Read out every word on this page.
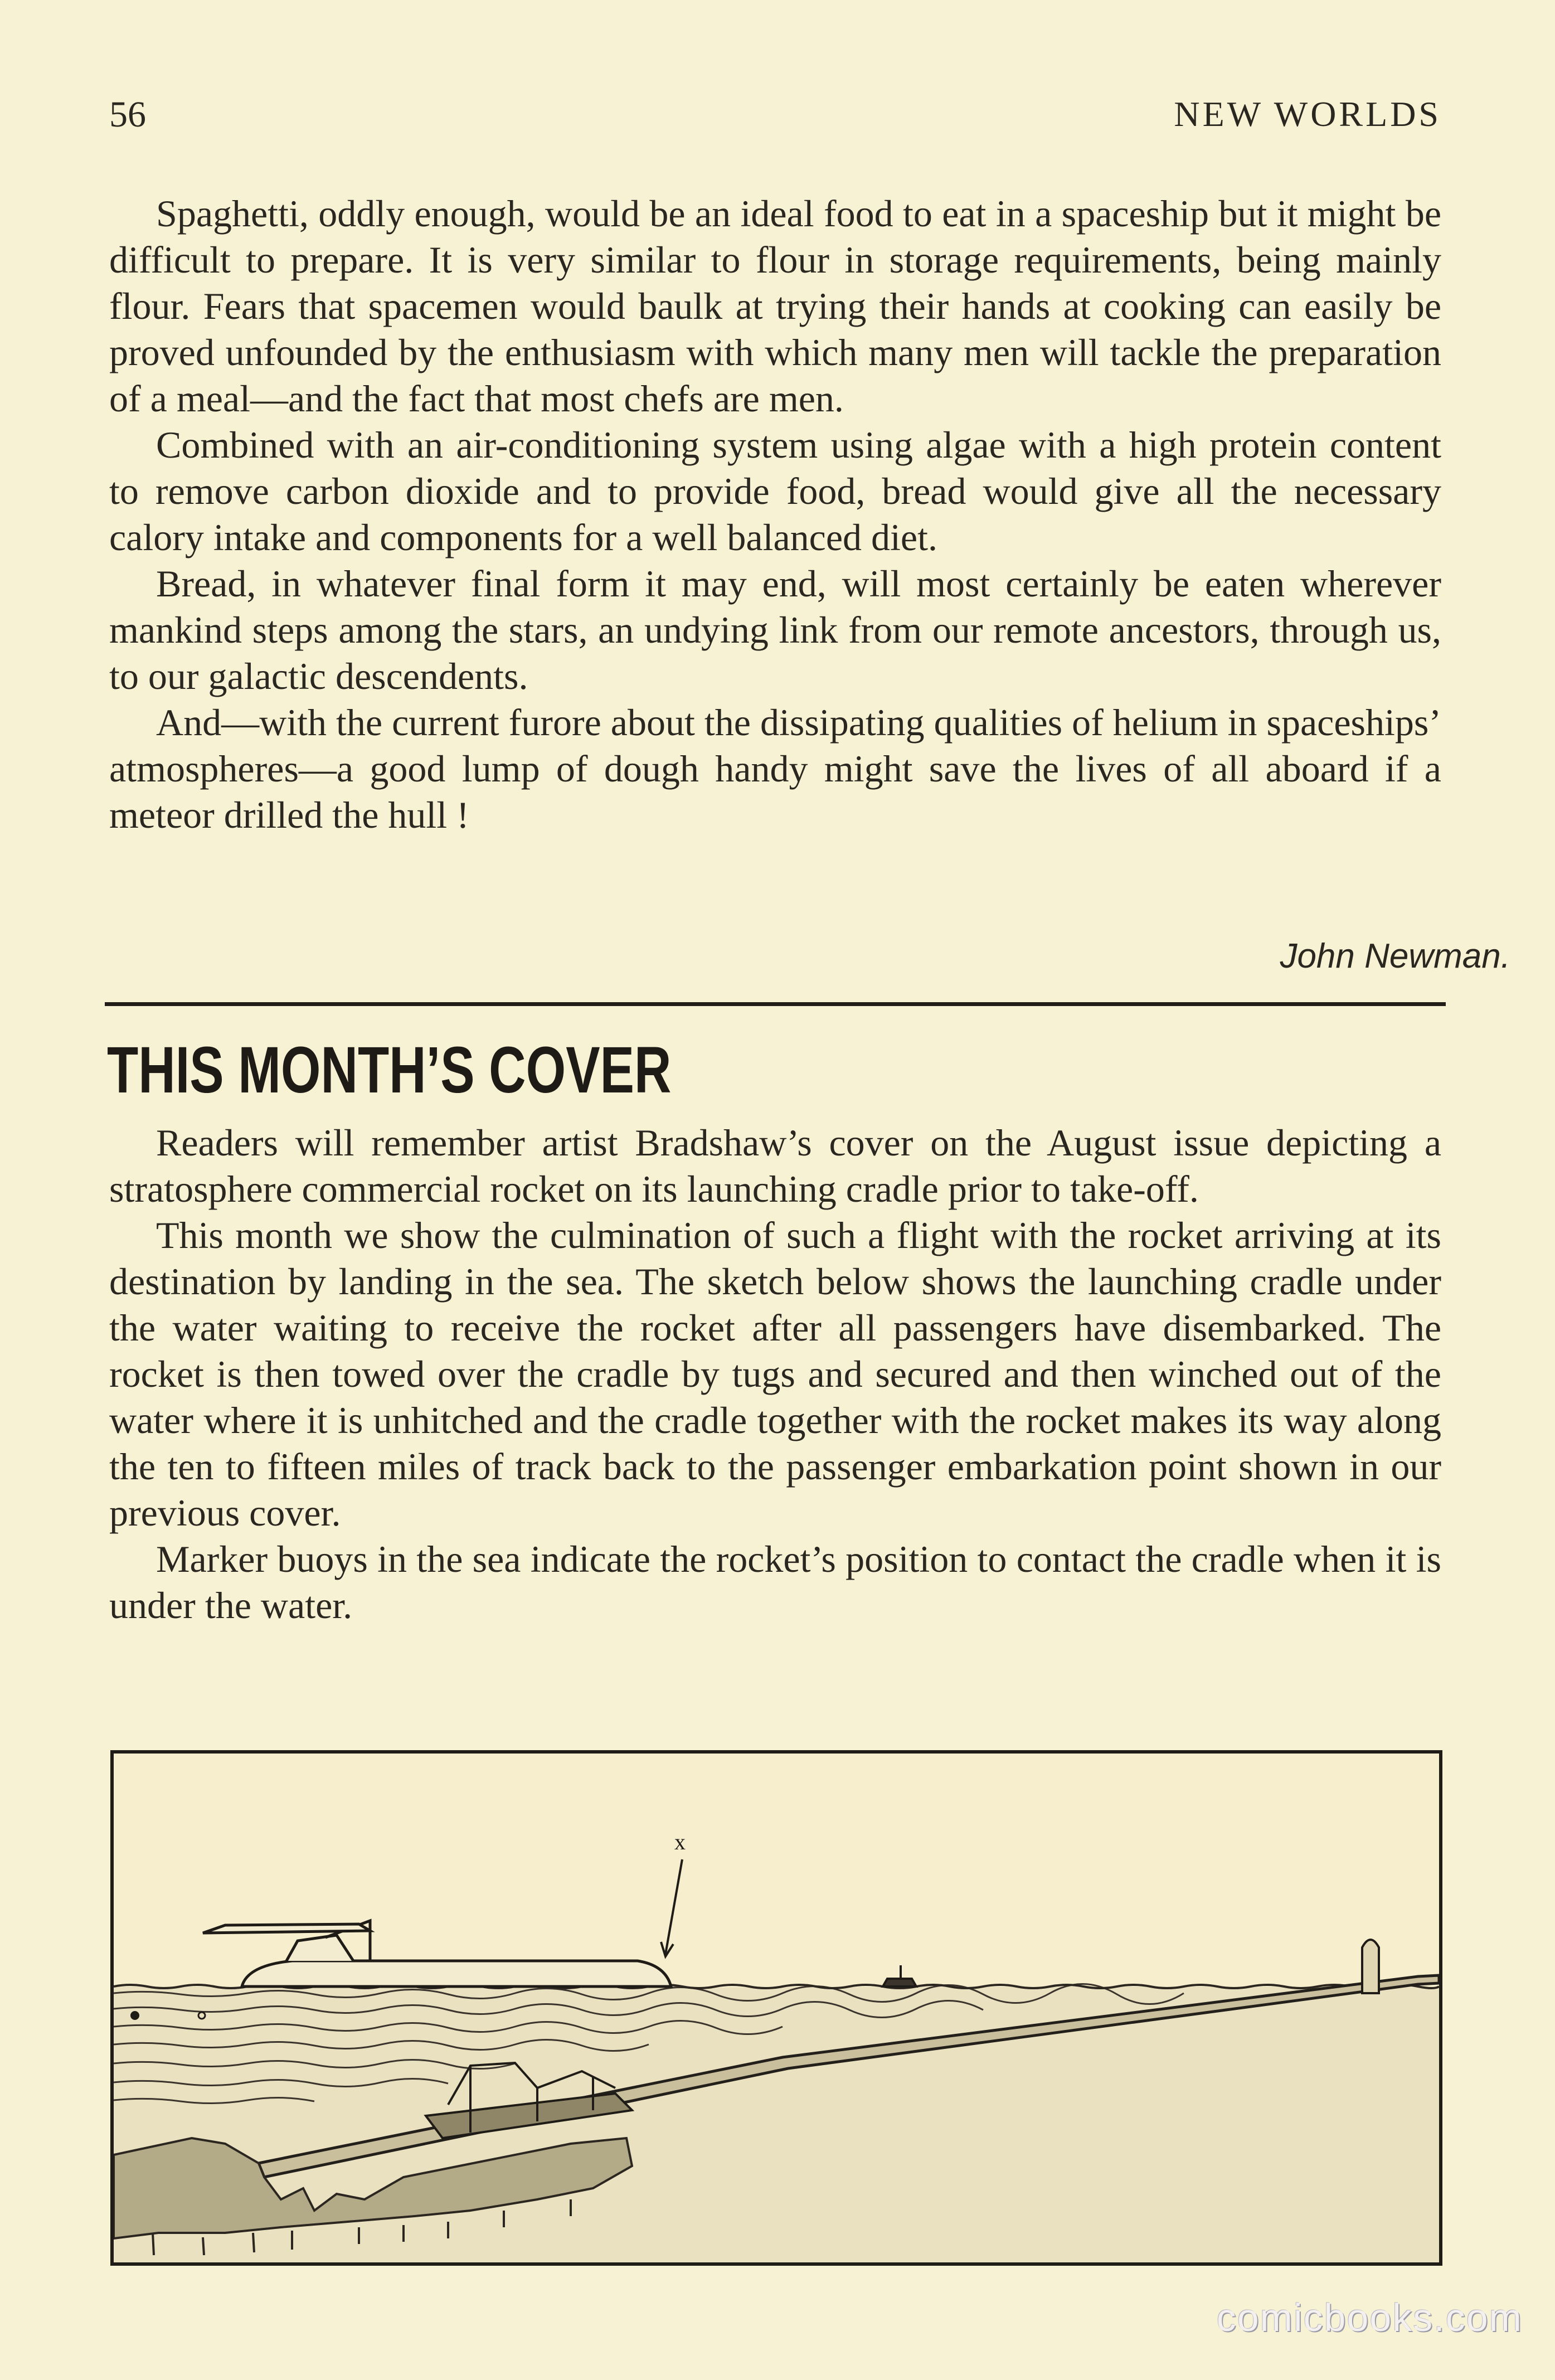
56	NEW WORLDS

Spaghetti, oddly enough, would be an ideal food to eat in a spaceship but it might be difficult to prepare. It is very similar to flour in storage requirements, being mainly flour. Fears that spacemen would baulk at trying their hands at cooking can easily be proved unfounded by the enthusiasm with which many men will tackle the preparation of a meal—and the fact that most chefs are men.

Combined with an air-conditioning system using algae with a high protein content to remove carbon dioxide and to provide food, bread would give all the necessary calory intake and components for a well balanced diet.

Bread, in whatever final form it may end, will most certainly be eaten wherever mankind steps among the stars, an undying link from our remote ancestors, through us, to our galactic descendents.

And—with the current furore about the dissipating qualities of helium in spaceships’ atmospheres—a good lump of dough handy might save the lives of all aboard if a meteor drilled the hull !

John Newman.
THIS MONTH’S COVER

Readers will remember artist Bradshaw’s cover on the August issue depicting a stratosphere commercial rocket on its launching cradle prior to take-off.

This month we show the culmination of such a flight with the rocket arriving at its destination by landing in the sea. The sketch below shows the launching cradle under the water waiting to receive the rocket after all passengers have disembarked. The rocket is then towed over the cradle by tugs and secured and then winched out of the water where it is unhitched and the cradle together with the rocket makes its way along the ten to fifteen miles of track back to the passenger embarkation point shown in our previous cover.

Marker buoys in the sea indicate the rocket’s position to contact the cradle when it is under the water.

x
comicbooks.com
